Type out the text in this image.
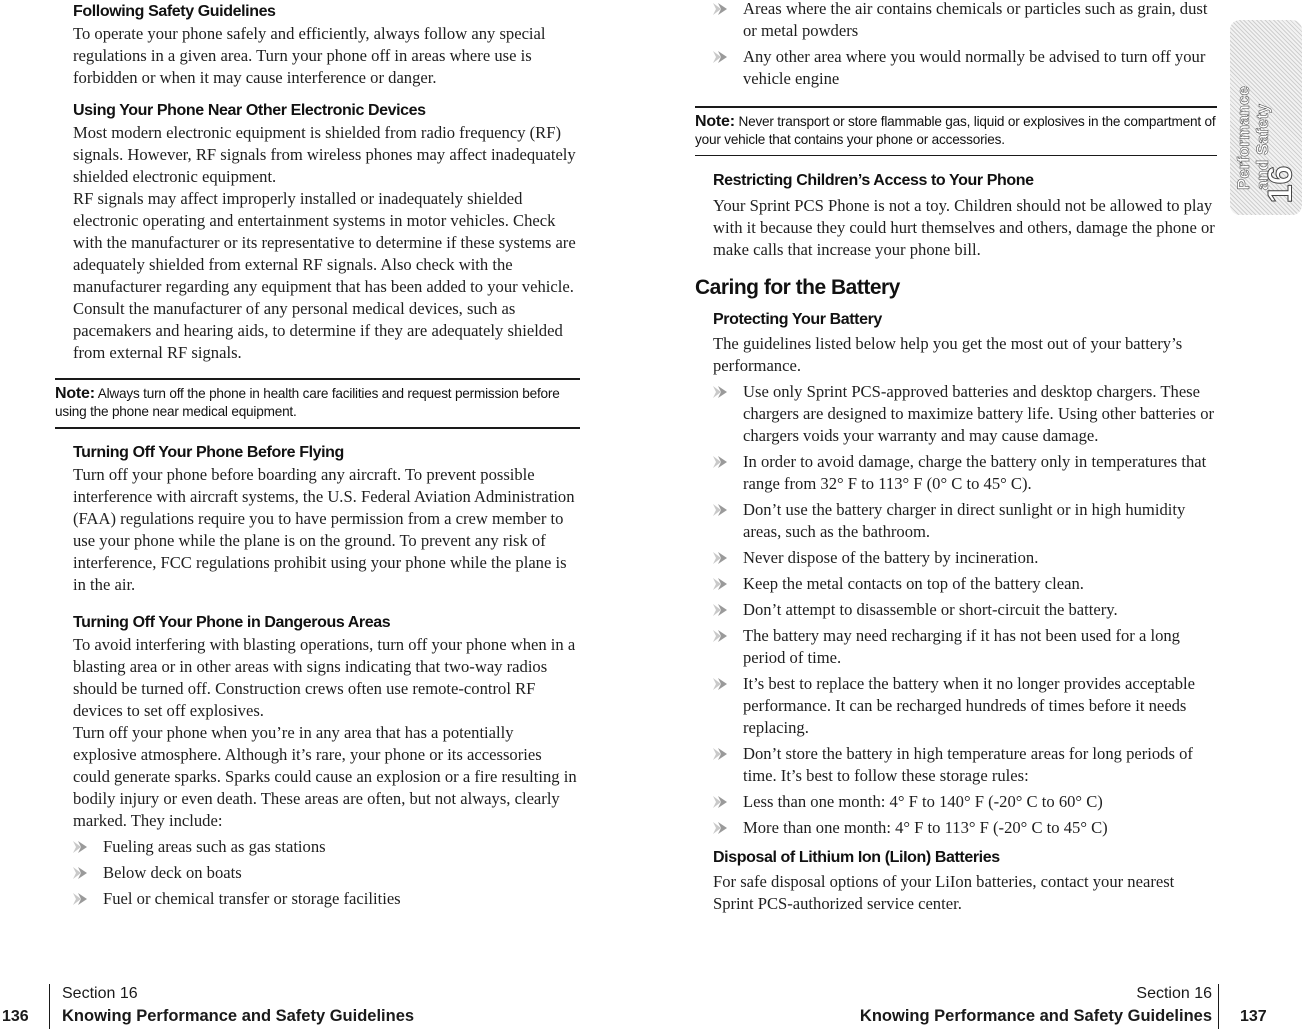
Following Safety Guidelines
To operate your phone safely and efficiently, always follow any special regulations in a given area. Turn your phone off in areas where use is forbidden or when it may cause interference or danger.
Using Your Phone Near Other Electronic Devices
Most modern electronic equipment is shielded from radio frequency (RF) signals. However, RF signals from wireless phones may affect inadequately shielded electronic equipment.
RF signals may affect improperly installed or inadequately shielded electronic operating and entertainment systems in motor vehicles. Check with the manufacturer or its representative to determine if these systems are adequately shielded from external RF signals. Also check with the manufacturer regarding any equipment that has been added to your vehicle.
Consult the manufacturer of any personal medical devices, such as pacemakers and hearing aids, to determine if they are adequately shielded from external RF signals.
Note: Always turn off the phone in health care facilities and request permission before using the phone near medical equipment.
Turning Off Your Phone Before Flying
Turn off your phone before boarding any aircraft. To prevent possible interference with aircraft systems, the U.S. Federal Aviation Administration (FAA) regulations require you to have permission from a crew member to use your phone while the plane is on the ground. To prevent any risk of interference, FCC regulations prohibit using your phone while the plane is in the air.
Turning Off Your Phone in Dangerous Areas
To avoid interfering with blasting operations, turn off your phone when in a blasting area or in other areas with signs indicating that two-way radios should be turned off. Construction crews often use remote-control RF devices to set off explosives.
Turn off your phone when you’re in any area that has a potentially explosive atmosphere. Although it’s rare, your phone or its accessories could generate sparks. Sparks could cause an explosion or a fire resulting in bodily injury or even death. These areas are often, but not always, clearly marked. They include:
Fueling areas such as gas stations
Below deck on boats
Fuel or chemical transfer or storage facilities
Areas where the air contains chemicals or particles such as grain, dust or metal powders
Any other area where you would normally be advised to turn off your vehicle engine
Note: Never transport or store flammable gas, liquid or explosives in the compartment of your vehicle that contains your phone or accessories.
Restricting Children’s Access to Your Phone
Your Sprint PCS Phone is not a toy. Children should not be allowed to play with it because they could hurt themselves and others, damage the phone or make calls that increase your phone bill.
Caring for the Battery
Protecting Your Battery
The guidelines listed below help you get the most out of your battery’s performance.
Use only Sprint PCS-approved batteries and desktop chargers. These chargers are designed to maximize battery life. Using other batteries or chargers voids your warranty and may cause damage.
In order to avoid damage, charge the battery only in temperatures that range from 32° F to 113° F (0° C to 45° C).
Don’t use the battery charger in direct sunlight or in high humidity areas, such as the bathroom.
Never dispose of the battery by incineration.
Keep the metal contacts on top of the battery clean.
Don’t attempt to disassemble or short-circuit the battery.
The battery may need recharging if it has not been used for a long period of time.
It’s best to replace the battery when it no longer provides acceptable performance. It can be recharged hundreds of times before it needs replacing.
Don’t store the battery in high temperature areas for long periods of time. It’s best to follow these storage rules:
Less than one month: 4° F to 140° F (-20° C to 60° C)
More than one month: 4° F to 113° F (-20° C to 45° C)
Disposal of Lithium Ion (LiIon) Batteries
For safe disposal options of your LiIon batteries, contact your nearest Sprint PCS-authorized service center.
Performance
and Safety
16
136
Section 16
Knowing Performance and Safety Guidelines
Section 16
Knowing Performance and Safety Guidelines 137
